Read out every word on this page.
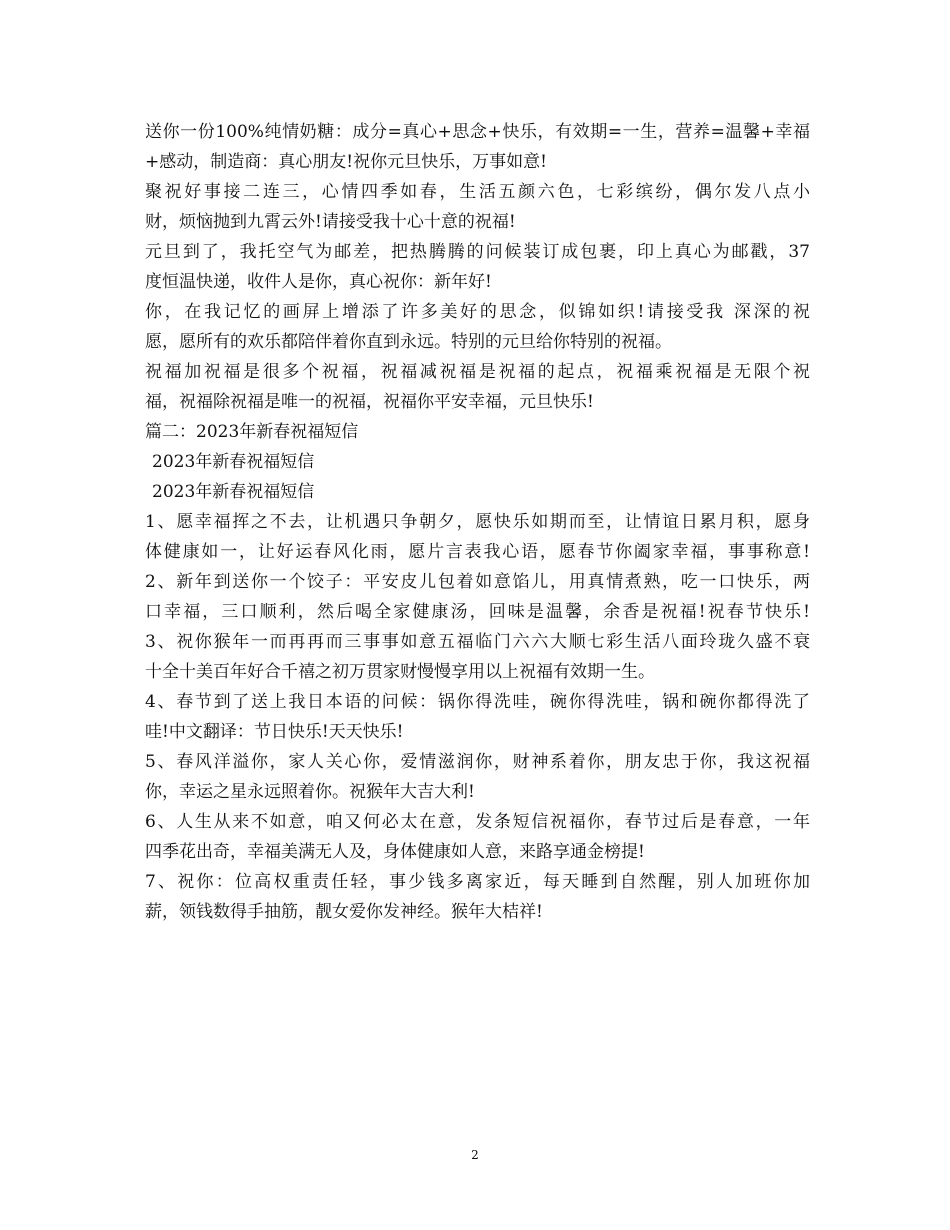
送你一份100%纯情奶糖：成分=真心+思念+快乐，有效期=一生，营养=温馨+幸福
+感动，制造商：真心朋友!祝你元旦快乐，万事如意!
聚祝好事接二连三，心情四季如春，生活五颜六色，七彩缤纷，偶尔发八点小
财，烦恼抛到九霄云外!请接受我十心十意的祝福!
元旦到了，我托空气为邮差，把热腾腾的问候装订成包裹，印上真心为邮戳，37
度恒温快递，收件人是你，真心祝你：新年好!
你，在我记忆的画屏上增添了许多美好的思念，似锦如织!请接受我 深深的祝
愿，愿所有的欢乐都陪伴着你直到永远。特别的元旦给你特别的祝福。
祝福加祝福是很多个祝福，祝福减祝福是祝福的起点，祝福乘祝福是无限个祝
福，祝福除祝福是唯一的祝福，祝福你平安幸福，元旦快乐!
篇二：2023年新春祝福短信
2023年新春祝福短信
2023年新春祝福短信
1、愿幸福挥之不去，让机遇只争朝夕，愿快乐如期而至，让情谊日累月积，愿身
体健康如一，让好运春风化雨，愿片言表我心语，愿春节你阖家幸福，事事称意!
2、新年到送你一个饺子：平安皮儿包着如意馅儿，用真情煮熟，吃一口快乐，两
口幸福，三口顺利，然后喝全家健康汤，回味是温馨，余香是祝福!祝春节快乐!
3、祝你猴年一而再再而三事事如意五福临门六六大顺七彩生活八面玲珑久盛不衰
十全十美百年好合千禧之初万贯家财慢慢享用以上祝福有效期一生。
4、春节到了送上我日本语的问候：锅你得洗哇，碗你得洗哇，锅和碗你都得洗了
哇!中文翻译：节日快乐!天天快乐!
5、春风洋溢你，家人关心你，爱情滋润你，财神系着你，朋友忠于你，我这祝福
你，幸运之星永远照着你。祝猴年大吉大利!
6、人生从来不如意，咱又何必太在意，发条短信祝福你，春节过后是春意，一年
四季花出奇，幸福美满无人及，身体健康如人意，来路享通金榜提!
7、祝你：位高权重责任轻，事少钱多离家近，每天睡到自然醒，别人加班你加
薪，领钱数得手抽筋，靓女爱你发神经。猴年大桔祥!
2
